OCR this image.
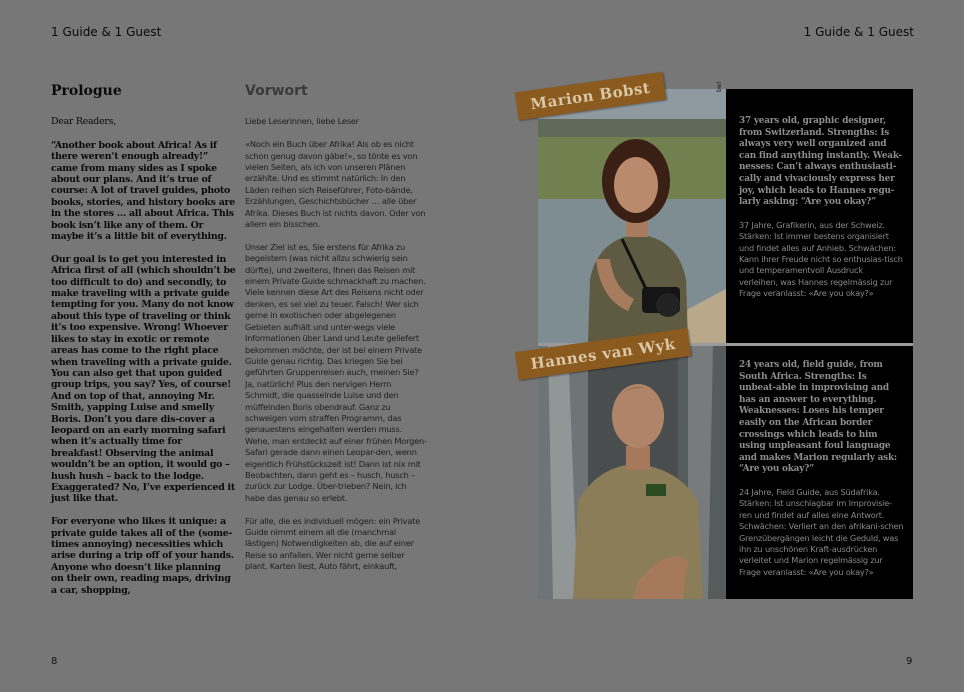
1 Guide & 1 Guest	1 Guide & 1 Guest
Prologue

Dear Readers,

“Another book about Africa! As if there weren’t enough already!” came from many sides as I spoke about our plans. And it’s true of course: A lot of travel guides, photo books, stories, and history books are in the stores … all about Africa. This book isn’t like any of them. Or maybe it’s a little bit of everything.

Our goal is to get you interested in Africa first of all (which shouldn’t be too difficult to do) and secondly, to make traveling with a private guide tempting for you. Many do not know about this type of traveling or think it’s too expensive. Wrong! Whoever likes to stay in exotic or remote areas has come to the right place when traveling with a private guide. You can also get that upon guided group trips, you say? Yes, of course! And on top of that, annoying Mr. Smith, yapping Luise and smelly Boris. Don’t you dare dis-cover a leopard on an early morning safari when it’s actually time for breakfast! Observing the animal wouldn’t be an option, it would go – hush hush – back to the lodge. Exaggerated? No, I’ve experienced it just like that.

For everyone who likes it unique: a private guide takes all of the (some-times annoying) necessities which arise during a trip off of your hands. Anyone who doesn’t like planning on their own, reading maps, driving a car, shopping,

Vorwort

Liebe Leserinnen, liebe Leser

«Noch ein Buch über Afrika! Als ob es nicht schon genug davon gäbe!», so tönte es von vielen Seiten, als ich von unseren Plänen erzählte. Und es stimmt natürlich: In den Läden reihen sich Reiseführer, Foto-bände, Erzählungen, Geschichtsbücher … alle über Afrika. Dieses Buch ist nichts davon. Oder von allem ein bisschen.

Unser Ziel ist es, Sie erstens für Afrika zu begeistern (was nicht allzu schwierig sein dürfte), und zweitens, Ihnen das Reisen mit einem Private Guide schmackhaft zu machen. Viele kennen diese Art des Reisens nicht oder denken, es sei viel zu teuer. Falsch! Wer sich gerne in exotischen oder abgelegenen Gebieten aufhält und unter-wegs viele Informationen über Land und Leute geliefert bekommen möchte, der ist bei einem Private Guide genau richtig. Das kriegen Sie bei geführten Gruppenreisen auch, meinen Sie? Ja, natürlich! Plus den nervigen Herrn Schmidt, die quasselnde Luise und den müffelnden Boris obendrauf. Ganz zu schweigen vom straffen Programm, das genauestens eingehalten werden muss. Wehe, man entdeckt auf einer frühen Morgen-Safari gerade dann einen Leopar-den, wenn eigentlich Frühstückszeit ist! Dann ist nix mit Beobachten, dann geht es – husch, husch – zurück zur Lodge. Über-trieben? Nein, ich habe das genau so erlebt.

Für alle, die es individuell mögen: ein Private Guide nimmt einem all die (manchmal lästigen) Notwendigkeiten ab, die auf einer Reise so anfallen. Wer nicht gerne selber plant, Karten liest, Auto fährt, einkauft,

37 years old, graphic designer, from Switzerland. Strengths: Is always very well organized and can find anything instantly. Weak-nesses: Can’t always enthusiasti-cally and vivaciously express her joy, which leads to Hannes regu-larly asking: “Are you okay?”

37 Jahre, Grafikerin, aus der Schweiz. Stärken: Ist immer bestens organisiert und findet alles auf Anhieb. Schwächen: Kann ihrer Freude nicht so enthusias-tisch und temperamentvoll Ausdruck verleihen, was Hannes regelmässig zur Frage veranlasst: «Are you okay?»

24 years old, field guide, from South Africa. Strengths: Is unbeat-able in improvising and has an answer to everything. Weaknesses: Loses his temper easily on the African border crossings which leads to him using unpleasant foul language and makes Marion regularly ask: “Are you okay?”

24 Jahre, Field Guide, aus Südafrika. Stärken: Ist unschlagbar im Improvisie-ren und findet auf alles eine Antwort. Schwächen: Verliert an den afrikani-schen Grenzübergängen leicht die Geduld, was ihn zu unschönen Kraft-ausdrücken verleitet und Marion regelmässig zur Frage veranlasst: «Are you okay?»

Marion Bobst
Hannes van Wyk
bwl
8	9
